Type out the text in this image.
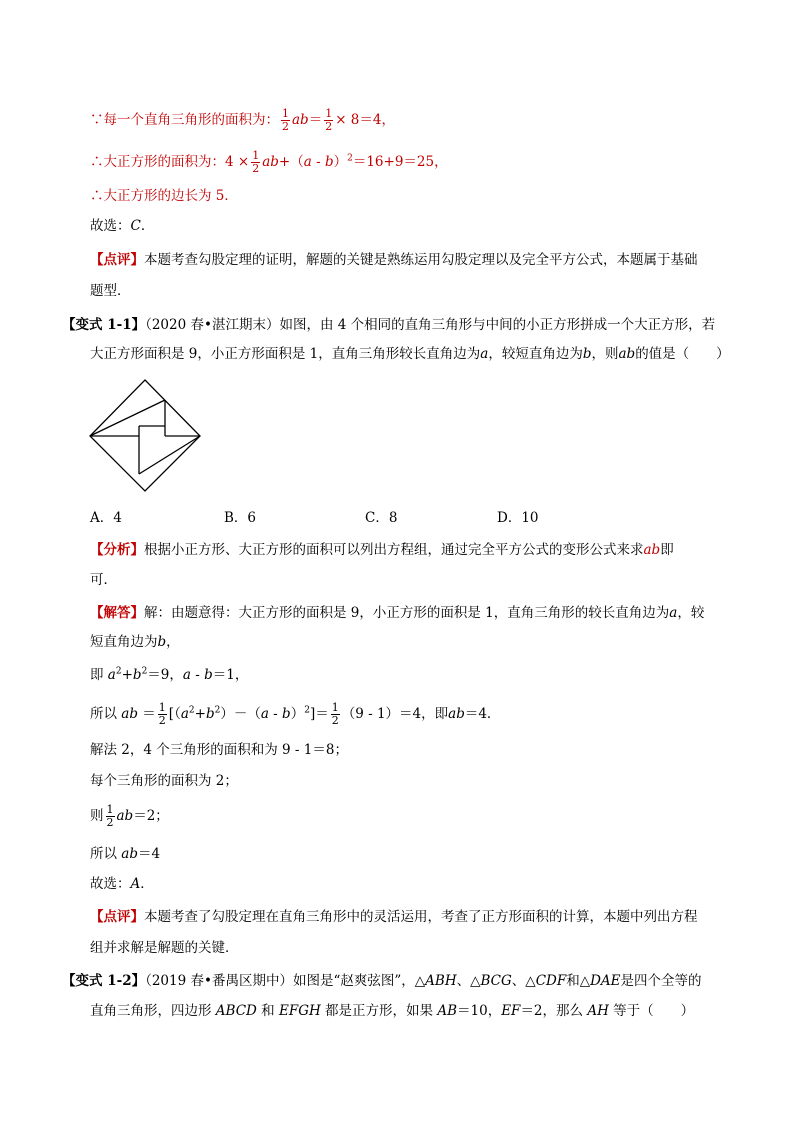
∵每一个直角三角形的面积为： $\frac{1}{2} ab= \frac{1}{2} \times 8=4$，
∴大正方形的面积为：$4 \times \frac{1}{2} ab+(a - b)^2=16+9=25$，
∴大正方形的边长为 5．
故选：C．
【点评】本题考查勾股定理的证明，解题的关键是熟练运用勾股定理以及完全平方公式，本题属于基础
题型．
【变式 1-1】（2020 春•湛江期末）如图，由 4 个相同的直角三角形与中间的小正方形拼成一个大正方形，若
大正方形面积是 9，小正方形面积是 1，直角三角形较长直角边为a，较短直角边为b，则ab的值是（　　）
A．4	B．6	C．8	D．10
【分析】根据小正方形、大正方形的面积可以列出方程组，通过完全平方公式的变形公式来求ab即
可．
【解答】解：由题意得：大正方形的面积是 9，小正方形的面积是 1，直角三角形的较长直角边为a，较
短直角边为b，
即 $a^2+b^2=9$，a - b＝1，
所以 ab ＝ $\frac{1}{2} [(a^2+b^2)-(a - b)^2]= \frac{1}{2} (9 - 1)=4$，即ab＝4．
解法 2，4 个三角形的面积和为 9 - 1＝8；
每个三角形的面积为 2；
则 $\frac{1}{2} ab=2$；
所以 ab＝4
故选：A．
【点评】本题考查了勾股定理在直角三角形中的灵活运用，考查了正方形面积的计算，本题中列出方程
组并求解是解题的关键．
【变式 1-2】（2019 春•番禺区期中）如图是“赵爽弦图”，△ABH、△BCG、△CDF和△DAE是四个全等的
直角三角形，四边形 ABCD 和 EFGH 都是正方形，如果 AB＝10，EF＝2，那么 AH 等于（　　）
